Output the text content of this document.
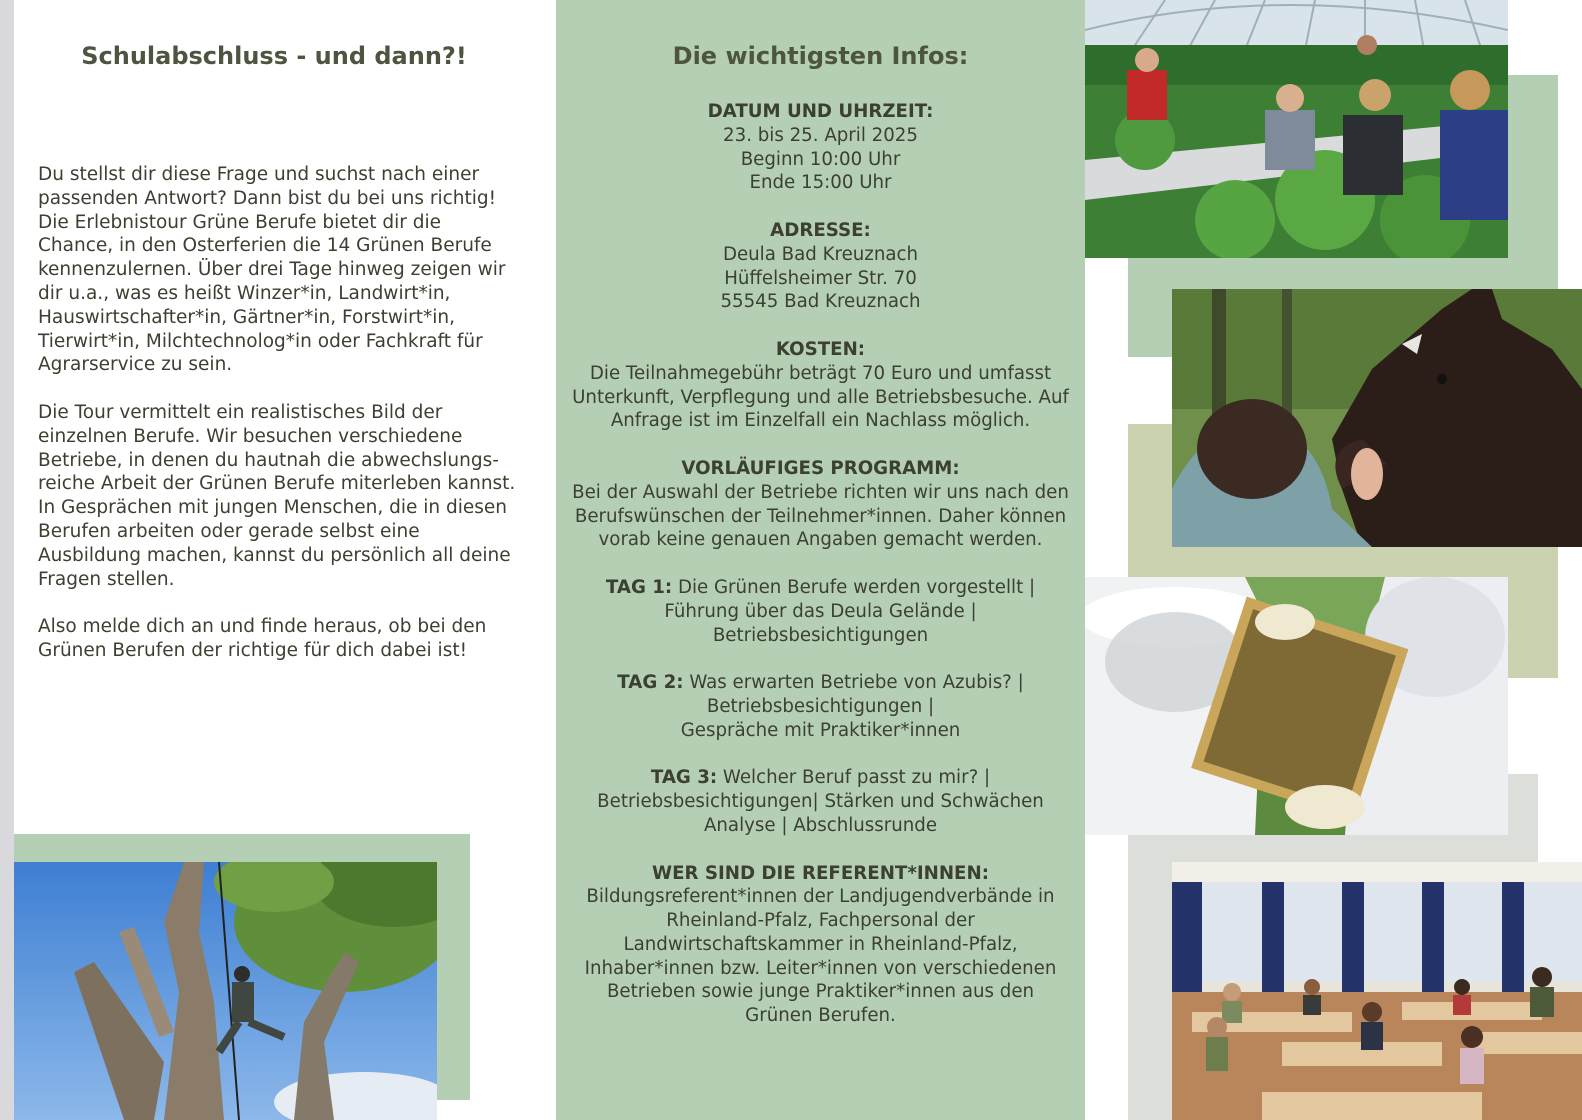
Schulabschluss - und dann?!

Du stellst dir diese Frage und suchst nach einer passenden Antwort? Dann bist du bei uns richtig! Die Erlebnistour Grüne Berufe bietet dir die Chance, in den Osterferien die 14 Grünen Berufe kennenzulernen. Über drei Tage hinweg zeigen wir dir u.a., was es heißt Winzer*in, Landwirt*in, Hauswirtschafter*in, Gärtner*in, Forstwirt*in, Tierwirt*in, Milchtechnolog*in oder Fachkraft für Agrarservice zu sein.

Die Tour vermittelt ein realistisches Bild der einzelnen Berufe. Wir besuchen verschiedene Betriebe, in denen du hautnah die abwechslungs-reiche Arbeit der Grünen Berufe miterleben kannst. In Gesprächen mit jungen Menschen, die in diesen Berufen arbeiten oder gerade selbst eine Ausbildung machen, kannst du persönlich all deine Fragen stellen.

Also melde dich an und finde heraus, ob bei den Grünen Berufen der richtige für dich dabei ist!

Die wichtigsten Infos:
DATUM UND UHRZEIT:
23. bis 25. April 2025
Beginn 10:00 Uhr
Ende 15:00 Uhr
ADRESSE:
Deula Bad Kreuznach
Hüffelsheimer Str. 70
55545 Bad Kreuznach
KOSTEN:
Die Teilnahmegebühr beträgt 70 Euro und umfasst Unterkunft, Verpflegung und alle Betriebsbesuche. Auf Anfrage ist im Einzelfall ein Nachlass möglich.
VORLÄUFIGES PROGRAMM:
Bei der Auswahl der Betriebe richten wir uns nach den Berufswünschen der Teilnehmer*innen. Daher können vorab keine genauen Angaben gemacht werden.
TAG 1: Die Grünen Berufe werden vorgestellt | Führung über das Deula Gelände | Betriebsbesichtigungen
TAG 2: Was erwarten Betriebe von Azubis? |
Betriebsbesichtigungen |
Gespräche mit Praktiker*innen
TAG 3: Welcher Beruf passt zu mir? | Betriebsbesichtigungen| Stärken und Schwächen Analyse | Abschlussrunde
WER SIND DIE REFERENT*INNEN:
Bildungsreferent*innen der Landjugendverbände in Rheinland-Pfalz, Fachpersonal der Landwirtschaftskammer in Rheinland-Pfalz, Inhaber*innen bzw. Leiter*innen von verschiedenen Betrieben sowie junge Praktiker*innen aus den
Grünen Berufen.
